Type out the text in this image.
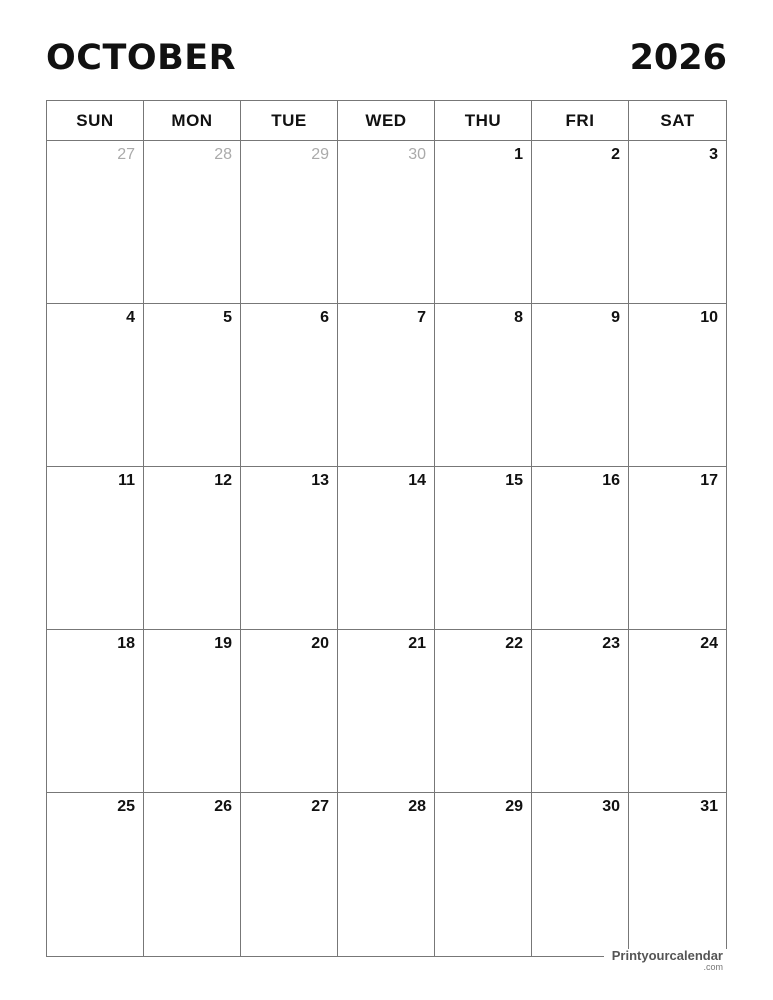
OCTOBER	2026
SUN	MON	TUE	WED	THU	FRI	SAT
27	28	29	30	1	2	3
4	5	6	7	8	9	10
11	12	13	14	15	16	17
18	19	20	21	22	23	24
25	26	27	28	29	30	31
Printyourcalendar
.com
